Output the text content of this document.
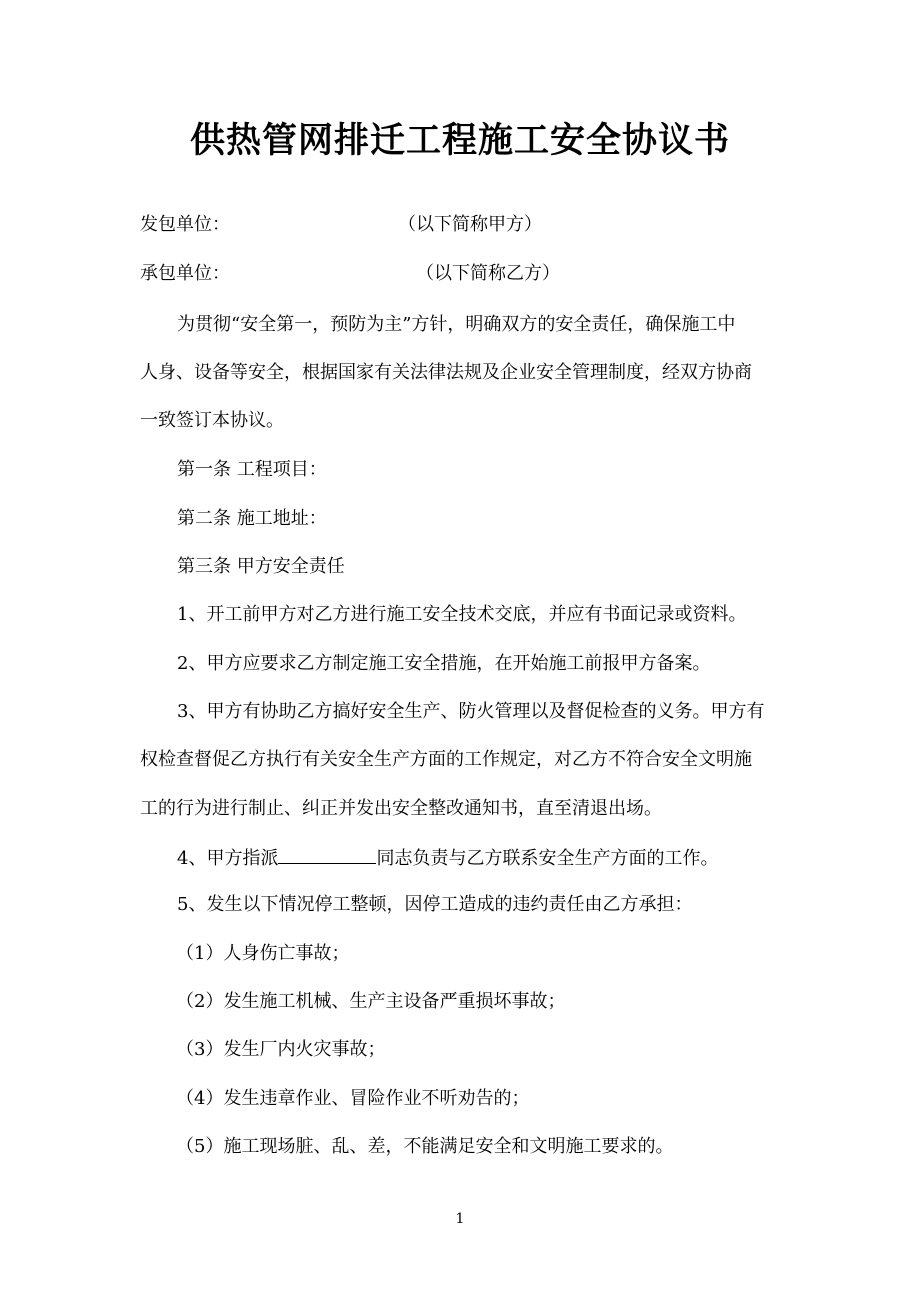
供热管网排迁工程施工安全协议书
发包单位：	（以下简称甲方）
承包单位：	（以下简称乙方）
为贯彻“安全第一，预防为主”方针，明确双方的安全责任，确保施工中
人身、设备等安全，根据国家有关法律法规及企业安全管理制度，经双方协商
一致签订本协议。
第一条 工程项目：
第二条 施工地址：
第三条 甲方安全责任
1、开工前甲方对乙方进行施工安全技术交底，并应有书面记录或资料。
2、甲方应要求乙方制定施工安全措施，在开始施工前报甲方备案。
3、甲方有协助乙方搞好安全生产、防火管理以及督促检查的义务。甲方有
权检查督促乙方执行有关安全生产方面的工作规定，对乙方不符合安全文明施
工的行为进行制止、纠正并发出安全整改通知书，直至清退出场。
4、甲方指派	同志负责与乙方联系安全生产方面的工作。
5、发生以下情况停工整顿，因停工造成的违约责任由乙方承担：
（1）人身伤亡事故；
（2）发生施工机械、生产主设备严重损坏事故；
（3）发生厂内火灾事故；
（4）发生违章作业、冒险作业不听劝告的；
（5）施工现场脏、乱、差，不能满足安全和文明施工要求的。
1
